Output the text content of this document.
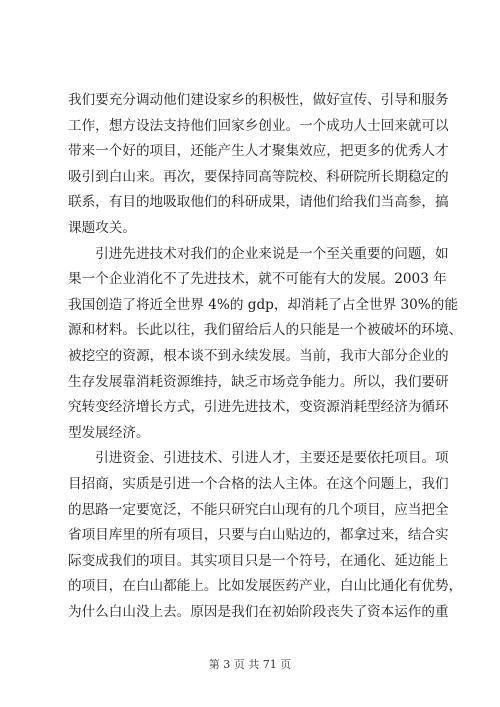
我们要充分调动他们建设家乡的积极性，做好宣传、引导和服务
工作，想方设法支持他们回家乡创业。一个成功人士回来就可以
带来一个好的项目，还能产生人才聚集效应，把更多的优秀人才
吸引到白山来。再次，要保持同高等院校、科研院所长期稳定的
联系，有目的地吸取他们的科研成果，请他们给我们当高参，搞
课题攻关。
　　引进先进技术对我们的企业来说是一个至关重要的问题，如
果一个企业消化不了先进技术，就不可能有大的发展。2003 年
我国创造了将近全世界 4%的 gdp，却消耗了占全世界 30%的能
源和材料。长此以往，我们留给后人的只能是一个被破坏的环境、
被挖空的资源，根本谈不到永续发展。当前，我市大部分企业的
生存发展靠消耗资源维持，缺乏市场竞争能力。所以，我们要研
究转变经济增长方式，引进先进技术，变资源消耗型经济为循环
型发展经济。
　　引进资金、引进技术、引进人才，主要还是要依托项目。项
目招商，实质是引进一个合格的法人主体。在这个问题上，我们
的思路一定要宽泛，不能只研究白山现有的几个项目，应当把全
省项目库里的所有项目，只要与白山贴边的，都拿过来，结合实
际变成我们的项目。其实项目只是一个符号，在通化、延边能上
的项目，在白山都能上。比如发展医药产业，白山比通化有优势，
为什么白山没上去。原因是我们在初始阶段丧失了资本运作的重
第 3 页 共 71 页
